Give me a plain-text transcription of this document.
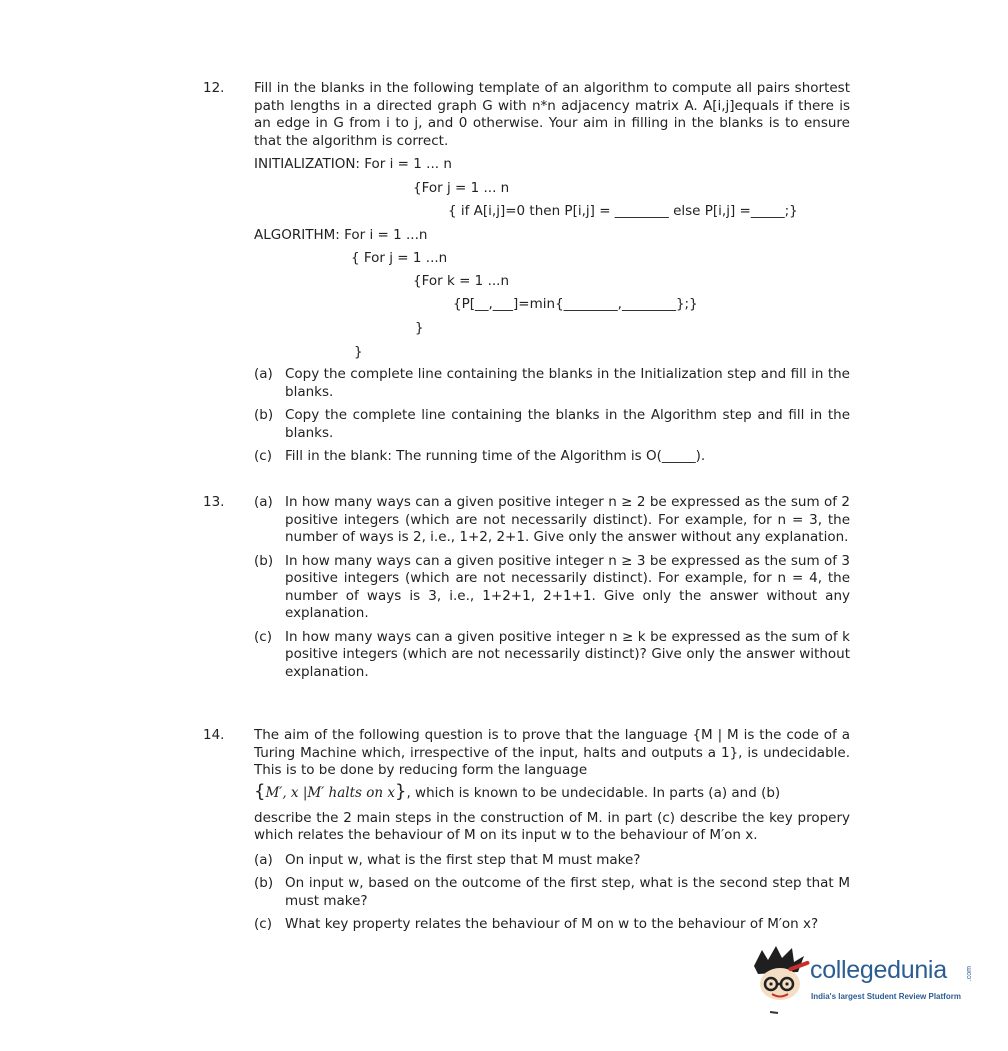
12. Fill in the blanks in the following template of an algorithm to compute all pairs shortest path lengths in a directed graph G with n*n adjacency matrix A. A[i,j]equals if there is an edge in G from i to j, and 0 otherwise. Your aim in filling in the blanks is to ensure that the algorithm is correct.
INITIALIZATION: For i = 1 ... n
{For j = 1 ... n
{ if A[i,j]=0 then P[i,j] = ________ else P[i,j] =_____;}
ALGORITHM: For i = 1 ...n
{ For j = 1 ...n
{For k = 1 ...n
{P[__,___]=min{________,________};}
}
}
(a) Copy the complete line containing the blanks in the Initialization step and fill in the blanks.
(b) Copy the complete line containing the blanks in the Algorithm step and fill in the blanks.
(c) Fill in the blank: The running time of the Algorithm is O(_____).
13. (a) In how many ways can a given positive integer n ≥ 2 be expressed as the sum of 2 positive integers (which are not necessarily distinct). For example, for n = 3, the number of ways is 2, i.e., 1+2, 2+1. Give only the answer without any explanation.
(b) In how many ways can a given positive integer n ≥ 3 be expressed as the sum of 3 positive integers (which are not necessarily distinct). For example, for n = 4, the number of ways is 3, i.e., 1+2+1, 2+1+1. Give only the answer without any explanation.
(c) In how many ways can a given positive integer n ≥ k be expressed as the sum of k positive integers (which are not necessarily distinct)? Give only the answer without explanation.
14. The aim of the following question is to prove that the language {M | M is the code of a Turing Machine which, irrespective of the input, halts and outputs a 1}, is undecidable. This is to be done by reducing form the language
{M′, x |M′ halts on x}, which is known to be undecidable. In parts (a) and (b)
describe the 2 main steps in the construction of M. in part (c) describe the key propery which relates the behaviour of M on its input w to the behaviour of M′on x.
(a) On input w, what is the first step that M must make?
(b) On input w, based on the outcome of the first step, what is the second step that M must make?
(c) What key property relates the behaviour of M on w to the behaviour of M′on x?
collegedunia	.com
India's largest Student Review Platform
